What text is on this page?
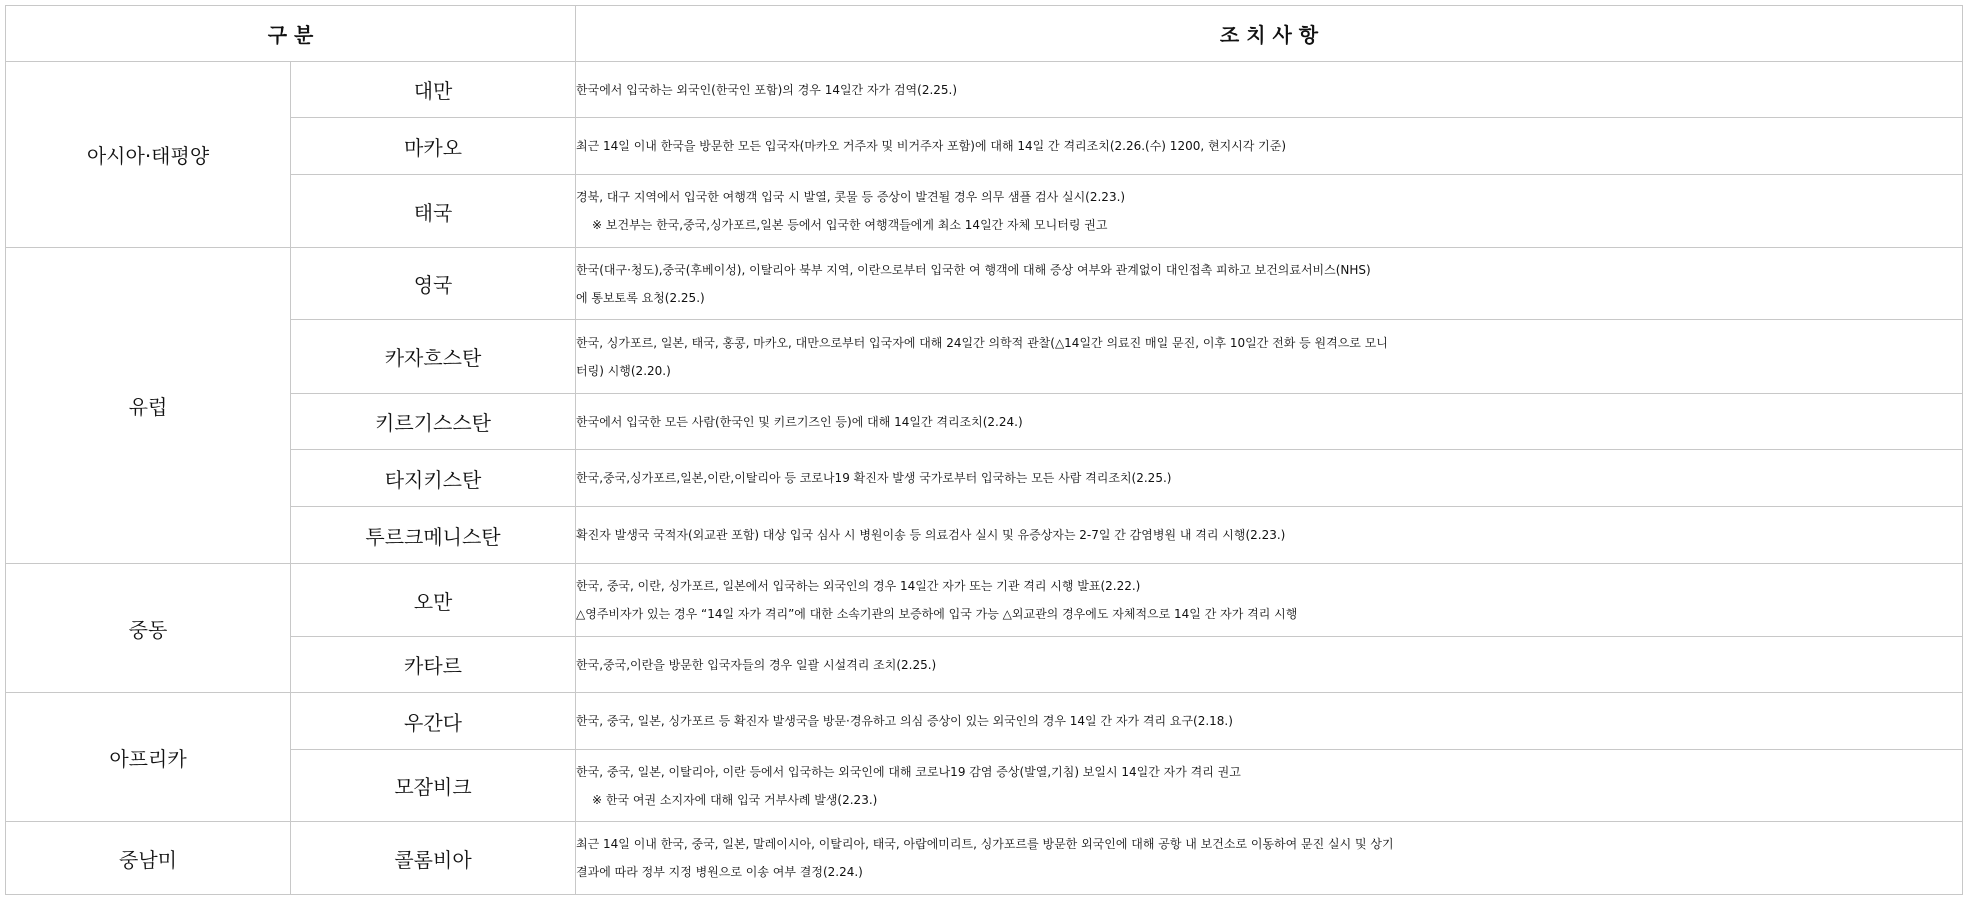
구 분		조 치 사 항
아시아·태평양	대만	한국에서 입국하는 외국인(한국인 포함)의 경우 14일간 자가 검역(2.25.)

	마카오	최근 14일 이내 한국을 방문한 모든 입국자(마카오 거주자 및 비거주자 포함)에 대해 14일 간 격리조치(2.26.(수) 1200, 현지시각 기준)

	태국	경북, 대구 지역에서 입국한 여행객 입국 시 발열, 콧물 등 증상이 발견될 경우 의무 샘플 검사 실시(2.23.)
※ 보건부는 한국,중국,싱가포르,일본 등에서 입국한 여행객들에게 최소 14일간 자체 모니터링 권고

유럽	영국	한국(대구·청도),중국(후베이성), 이탈리아 북부 지역, 이란으로부터 입국한 여 행객에 대해 증상 여부와 관계없이 대인접촉 피하고 보건의료서비스(NHS)
에 통보토록 요청(2.25.)

	카자흐스탄	한국, 싱가포르, 일본, 태국, 홍콩, 마카오, 대만으로부터 입국자에 대해 24일간 의학적 관찰(△14일간 의료진 매일 문진, 이후 10일간 전화 등 원격으로 모니
터링) 시행(2.20.)

	키르기스스탄	한국에서 입국한 모든 사람(한국인 및 키르기즈인 등)에 대해 14일간 격리조치(2.24.)

	타지키스탄	한국,중국,싱가포르,일본,이란,이탈리아 등 코로나19 확진자 발생 국가로부터 입국하는 모든 사람 격리조치(2.25.)

	투르크메니스탄	확진자 발생국 국적자(외교관 포함) 대상 입국 심사 시 병원이송 등 의료검사 실시 및 유증상자는 2-7일 간 감염병원 내 격리 시행(2.23.)

중동	오만	한국, 중국, 이란, 싱가포르, 일본에서 입국하는 외국인의 경우 14일간 자가 또는 기관 격리 시행 발표(2.22.)
△영주비자가 있는 경우 “14일 자가 격리”에 대한 소속기관의 보증하에 입국 가능 △외교관의 경우에도 자체적으로 14일 간 자가 격리 시행

	카타르	한국,중국,이란을 방문한 입국자들의 경우 일괄 시설격리 조치(2.25.)

아프리카	우간다	한국, 중국, 일본, 싱가포르 등 확진자 발생국을 방문·경유하고 의심 증상이 있는 외국인의 경우 14일 간 자가 격리 요구(2.18.)

	모잠비크	한국, 중국, 일본, 이탈리아, 이란 등에서 입국하는 외국인에 대해 코로나19 감염 증상(발열,기침) 보일시 14일간 자가 격리 권고
※ 한국 여권 소지자에 대해 입국 거부사례 발생(2.23.)

중남미	콜롬비아	최근 14일 이내 한국, 중국, 일본, 말레이시아, 이탈리아, 태국, 아랍에미리트, 싱가포르를 방문한 외국인에 대해 공항 내 보건소로 이동하여 문진 실시 및 상기
결과에 따라 정부 지정 병원으로 이송 여부 결정(2.24.)
